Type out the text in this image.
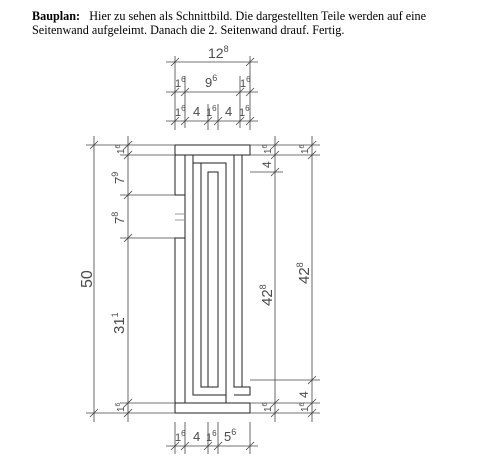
Bauplan: Hier zu sehen als Schnittbild. Die dargestellten Teile werden auf eine Seitenwand aufgeleimt. Danach die 2. Seitenwand drauf. Fertig.
$12^8$
$1^6$ $9^6$ $1^6$
$1^6$ 4 $1^6$ 4 $1^6$
$1^6$ 4 $1^6$ $5^6$
50
$1^6$
$7^9$
$7^8$
$31^1$
$1^6$
$1^6$
4
$42^8$
$1^6$
$1^6$
$42^8$
4
$1^6$
